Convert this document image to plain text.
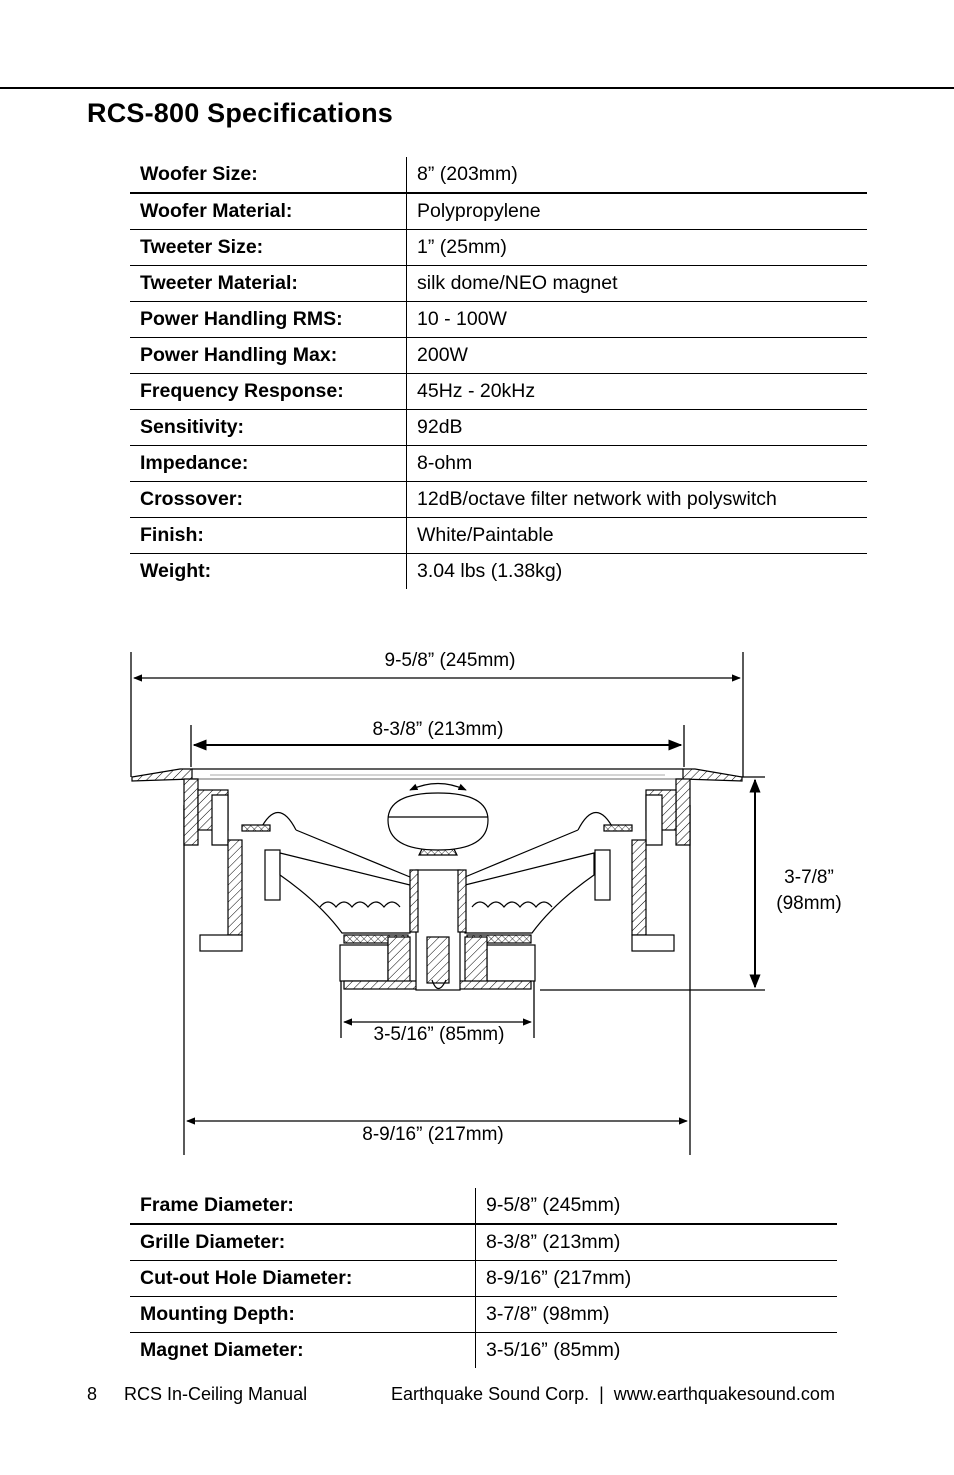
RCS-800 Specifications
Woofer Size:	8” (203mm)
Woofer Material:	Polypropylene
Tweeter Size:	1” (25mm)
Tweeter Material:	silk dome/NEO magnet
Power Handling RMS:	10 - 100W
Power Handling Max:	200W
Frequency Response:	45Hz - 20kHz
Sensitivity:	92dB
Impedance:	8-ohm
Crossover:	12dB/octave filter network with polyswitch
Finish:	White/Paintable
Weight:	3.04 lbs (1.38kg)
9-5/8” (245mm)
8-3/8” (213mm)
3-7/8”
(98mm)
3-5/16” (85mm)
8-9/16” (217mm)
Frame Diameter:	9-5/8” (245mm)
Grille Diameter:	8-3/8” (213mm)
Cut-out Hole Diameter:	8-9/16” (217mm)
Mounting Depth:	3-7/8” (98mm)
Magnet Diameter:	3-5/16” (85mm)
8 RCS In-Ceiling Manual	Earthquake Sound Corp.  |  www.earthquakesound.com
